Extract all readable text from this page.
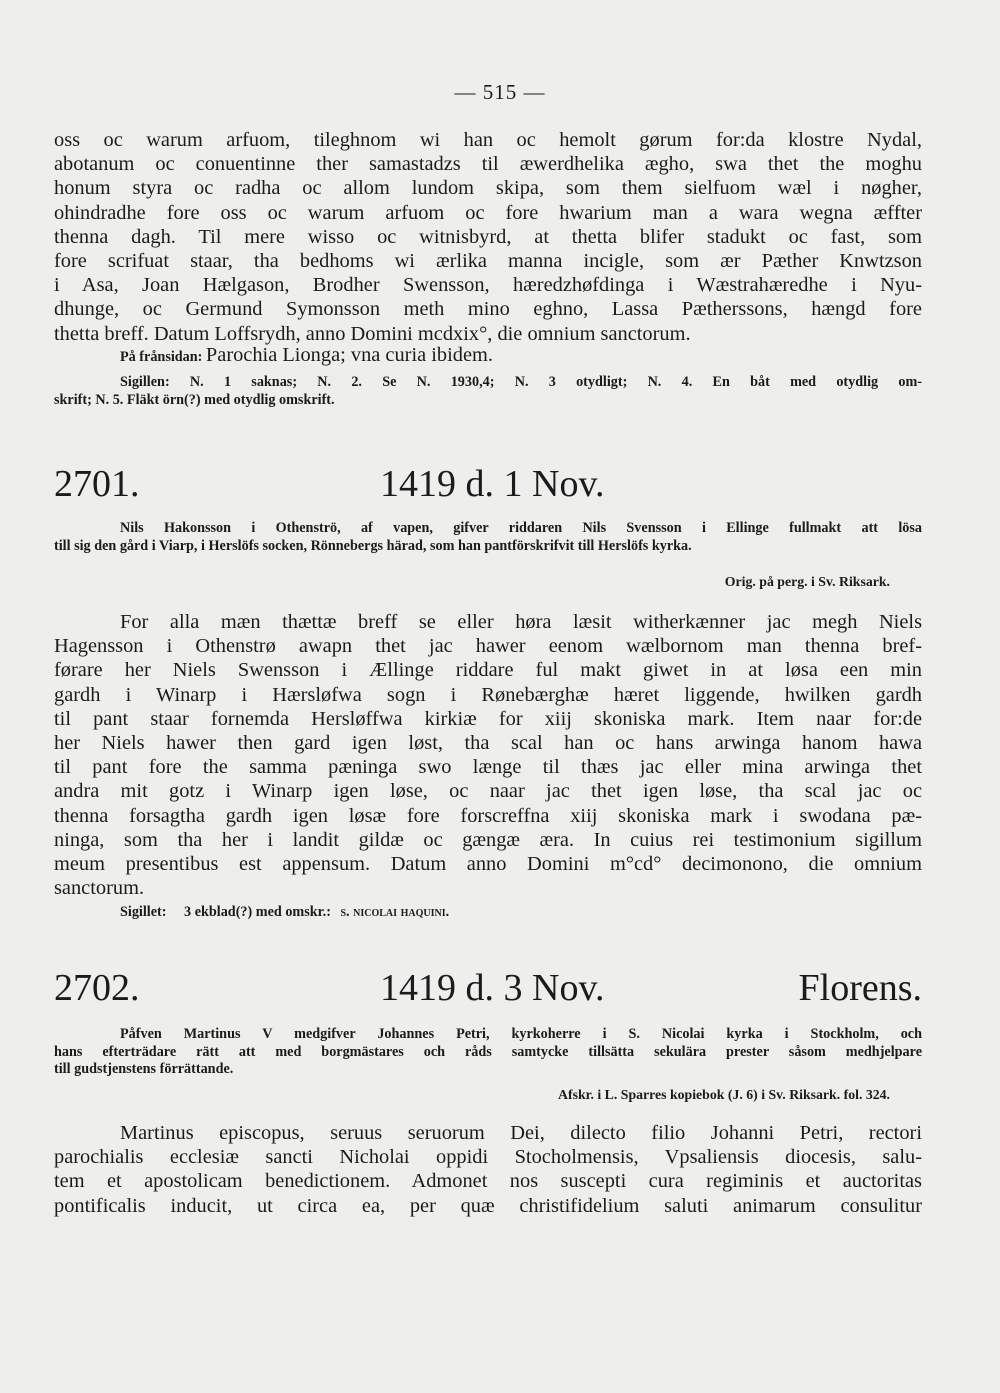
— 515 —

oss oc warum arfuom, tileghnom wi han oc hemolt gørum for:da klostre Nydal,
abotanum oc conuentinne ther samastadzs til æwerdhelika ægho, swa thet the moghu
honum styra oc radha oc allom lundom skipa, som them sielfuom wæl i nøgher,
ohindradhe fore oss oc warum arfuom oc fore hwarium man a wara wegna æffter
thenna dagh. Til mere wisso oc witnisbyrd, at thetta blifer stadukt oc fast, som
fore scrifuat staar, tha bedhoms wi ærlika manna incigle, som ær Pæther Knwtzson
i Asa, Joan Hælgason, Brodher Swensson, hæredzhøfdinga i Wæstrahæredhe i Nyu-
dhunge, oc Germund Symonsson meth mino eghno, Lassa Pætherssons, hængd fore
thetta breff. Datum Loffsrydh, anno Domini mcdxix°, die omnium sanctorum.

På frånsidan: Parochia Lionga; vna curia ibidem.

Sigillen: N. 1 saknas; N. 2. Se N. 1930,4; N. 3 otydligt; N. 4. En båt med otydlig om-
skrift; N. 5. Fläkt örn(?) med otydlig omskrift.

2701.	1419 d. 1 Nov.

Nils Hakonsson i Othenströ, af vapen, gifver riddaren Nils Svensson i Ellinge fullmakt att lösa
till sig den gård i Viarp, i Herslöfs socken, Rönnebergs härad, som han pantförskrifvit till Herslöfs kyrka.

Orig. på perg. i Sv. Riksark.

For alla mæn thættæ breff se eller høra læsit witherkænner jac megh Niels
Hagensson i Othenstrø awapn thet jac hawer eenom wælbornom man thenna bref-
førare her Niels Swensson i Ællinge riddare ful makt giwet in at løsa een min
gardh i Winarp i Hærsløfwa sogn i Rønebærghæ hæret liggende, hwilken gardh
til pant staar fornemda Hersløffwa kirkiæ for xiij skoniska mark. Item naar for:de
her Niels hawer then gard igen løst, tha scal han oc hans arwinga hanom hawa
til pant fore the samma pæninga swo længe til thæs jac eller mina arwinga thet
andra mit gotz i Winarp igen løse, oc naar jac thet igen løse, tha scal jac oc
thenna forsagtha gardh igen løsæ fore forscreffna xiij skoniska mark i swodana pæ-
ninga, som tha her i landit gildæ oc gængæ æra. In cuius rei testimonium sigillum
meum presentibus est appensum. Datum anno Domini m°cd° decimonono, die omnium
sanctorum.

Sigillet: 3 ekblad(?) med omskr.: s. nicolai haquini.

2702.	1419 d. 3 Nov.	Florens.

Påfven Martinus V medgifver Johannes Petri, kyrkoherre i S. Nicolai kyrka i Stockholm, och
hans efterträdare rätt att med borgmästares och råds samtycke tillsätta sekulära prester såsom medhjelpare
till gudstjenstens förrättande.

Afskr. i L. Sparres kopiebok (J. 6) i Sv. Riksark. fol. 324.

Martinus episcopus, seruus seruorum Dei, dilecto filio Johanni Petri, rectori
parochialis ecclesiæ sancti Nicholai oppidi Stocholmensis, Vpsaliensis diocesis, salu-
tem et apostolicam benedictionem. Admonet nos suscepti cura regiminis et auctoritas
pontificalis inducit, ut circa ea, per quæ christifidelium saluti animarum consulitur
